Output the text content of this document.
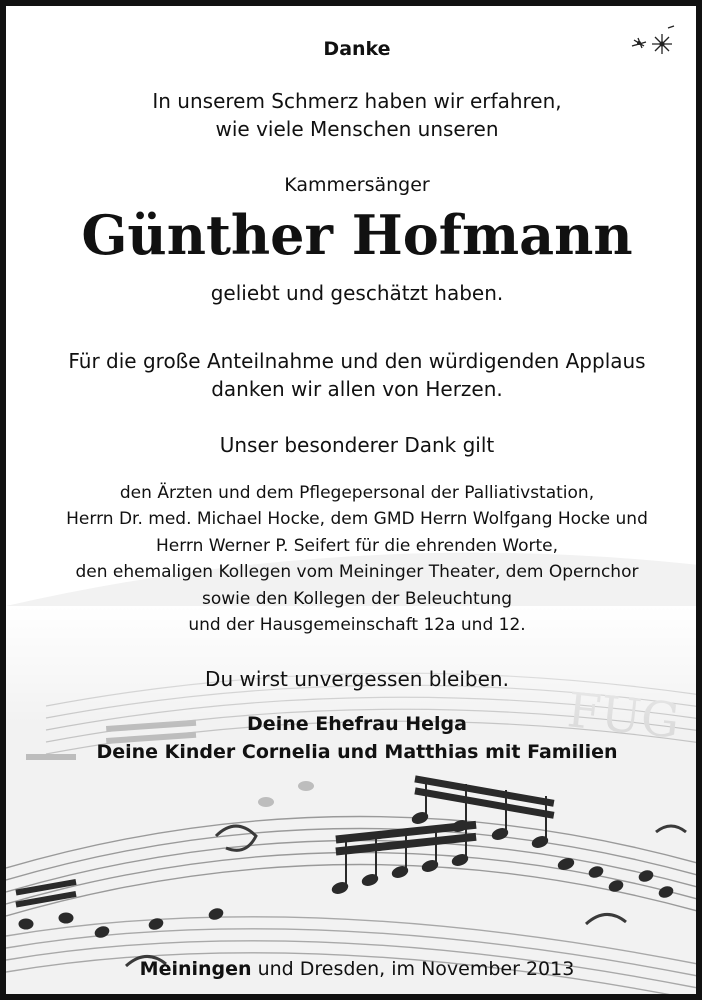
Danke
In unserem Schmerz haben wir erfahren,
wie viele Menschen unseren
Kammersänger
Günther Hofmann
geliebt und geschätzt haben.
Für die große Anteilnahme und den würdigenden Applaus
danken wir allen von Herzen.
Unser besonderer Dank gilt
den Ärzten und dem Pflegepersonal der Palliativstation,
Herrn Dr. med. Michael Hocke, dem GMD Herrn Wolfgang Hocke und
Herrn Werner P. Seifert für die ehrenden Worte,
den ehemaligen Kollegen vom Meininger Theater, dem Opernchor
sowie den Kollegen der Beleuchtung
und der Hausgemeinschaft 12a und 12.
Du wirst unvergessen bleiben.
Deine Ehefrau Helga
Deine Kinder Cornelia und Matthias mit Familien
Meiningen und Dresden, im November 2013
